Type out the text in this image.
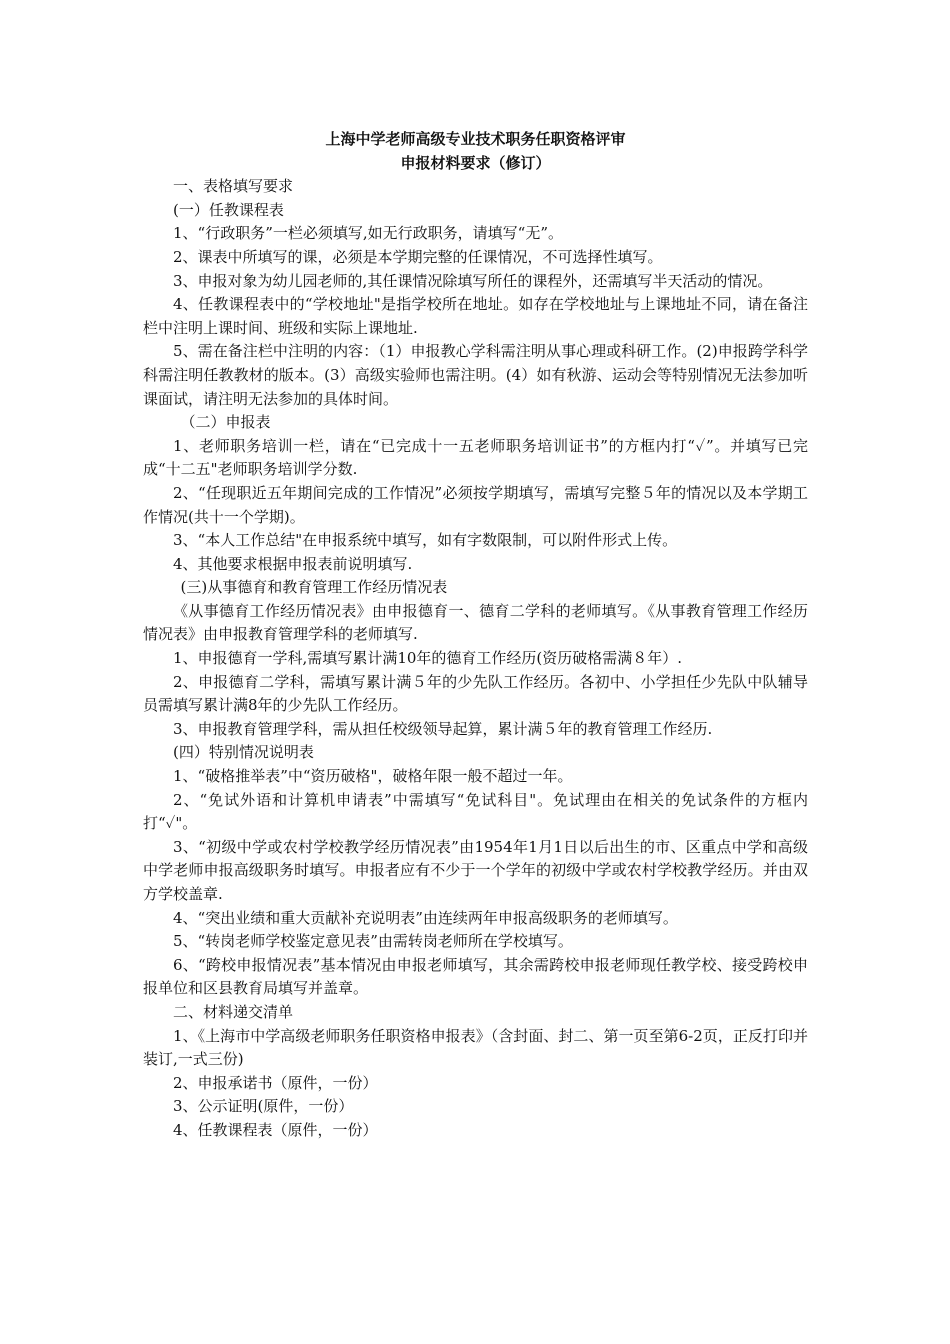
上海中学老师高级专业技术职务任职资格评审

申报材料要求（修订）

一、表格填写要求

(一）任教课程表

1、“行政职务”一栏必须填写,如无行政职务，请填写“无”。

2、课表中所填写的课，必须是本学期完整的任课情况，不可选择性填写。

3、申报对象为幼儿园老师的,其任课情况除填写所任的课程外，还需填写半天活动的情况。

4、任教课程表中的“学校地址"是指学校所在地址。如存在学校地址与上课地址不同，请在备注栏中注明上课时间、班级和实际上课地址.

5、需在备注栏中注明的内容：（1）申报教心学科需注明从事心理或科研工作。(2)申报跨学科学科需注明任教教材的版本。(3）高级实验师也需注明。(4）如有秋游、运动会等特别情况无法参加听课面试，请注明无法参加的具体时间。

（二）申报表

1、老师职务培训一栏，请在“已完成十一五老师职务培训证书”的方框内打“✓”。并填写已完成“十二五"老师职务培训学分数.

2、“任现职近五年期间完成的工作情况”必须按学期填写，需填写完整５年的情况以及本学期工作情况(共十一个学期)。

3、“本人工作总结"在申报系统中填写，如有字数限制，可以附件形式上传。

4、其他要求根据申报表前说明填写.

(三)从事德育和教育管理工作经历情况表

《从事德育工作经历情况表》由申报德育一、德育二学科的老师填写。《从事教育管理工作经历情况表》由申报教育管理学科的老师填写.

1、申报德育一学科,需填写累计满10年的德育工作经历(资历破格需满８年）.

2、申报德育二学科，需填写累计满５年的少先队工作经历。各初中、小学担任少先队中队辅导员需填写累计满8年的少先队工作经历。

3、申报教育管理学科，需从担任校级领导起算，累计满５年的教育管理工作经历.

(四）特别情况说明表

1、“破格推举表”中“资历破格"，破格年限一般不超过一年。

2、“免试外语和计算机申请表”中需填写“免试科目"。免试理由在相关的免试条件的方框内打“✓"。

3、“初级中学或农村学校教学经历情况表”由1954年1月1日以后出生的市、区重点中学和高级中学老师申报高级职务时填写。申报者应有不少于一个学年的初级中学或农村学校教学经历。并由双方学校盖章.

4、“突出业绩和重大贡献补充说明表”由连续两年申报高级职务的老师填写。

5、“转岗老师学校鉴定意见表”由需转岗老师所在学校填写。

6、“跨校申报情况表”基本情况由申报老师填写，其余需跨校申报老师现任教学校、接受跨校申报单位和区县教育局填写并盖章。

二、材料递交清单

1、《上海市中学高级老师职务任职资格申报表》（含封面、封二、第一页至第6-2页，正反打印并装订,一式三份)

2、申报承诺书（原件，一份）

3、公示证明(原件，一份）

4、任教课程表（原件，一份）
